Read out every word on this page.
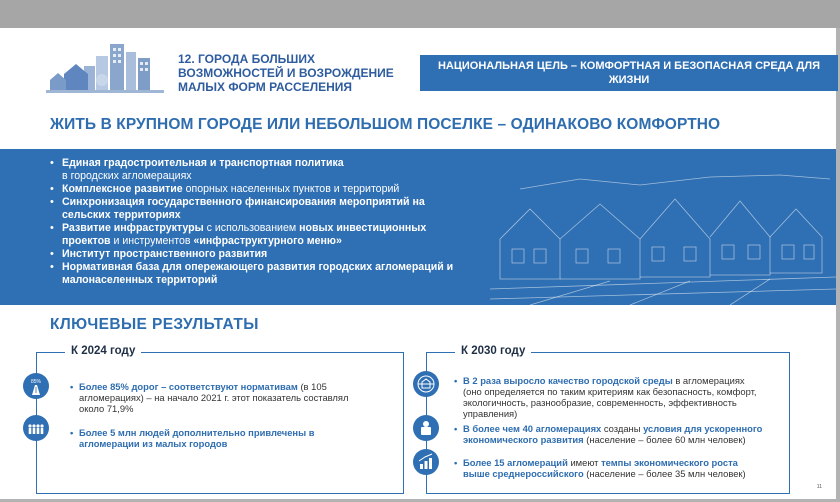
12. ГОРОДА БОЛЬШИХ ВОЗМОЖНОСТЕЙ И ВОЗРОЖДЕНИЕ МАЛЫХ ФОРМ РАССЕЛЕНИЯ
НАЦИОНАЛЬНАЯ ЦЕЛЬ – КОМФОРТНАЯ И БЕЗОПАСНАЯ СРЕДА ДЛЯ ЖИЗНИ
ЖИТЬ В КРУПНОМ ГОРОДЕ ИЛИ НЕБОЛЬШОМ ПОСЕЛКЕ – ОДИНАКОВО КОМФОРТНО
• Единая градостроительная и транспортная политика
в городских агломерациях
• Комплексное развитие опорных населенных пунктов и территорий
• Синхронизация государственного финансирования мероприятий на сельских территориях
• Развитие инфраструктуры с использованием новых инвестиционных проектов и инструментов «инфраструктурного меню»
• Институт пространственного развития
• Нормативная база для опережающего развития городских агломераций и малонаселенных территорий
КЛЮЧЕВЫЕ РЕЗУЛЬТАТЫ
К 2024 году
85%	• Более 85% дорог – соответствуют нормативам (в 105 агломерациях) – на начало 2021 г. этот показатель составлял около 71,9%
• Более 5 млн людей дополнительно привлечены в агломерации из малых городов
К 2030 году
• В 2 раза выросло качество городской среды в агломерациях (оно определяется по таким критериям как безопасность, комфорт, экологичность, разнообразие, современность, эффективность управления)
• В более чем 40 агломерациях созданы условия для ускоренного экономического развития (население – более 60 млн человек)
• Более 15 агломераций имеют темпы экономического роста выше среднероссийского (население – более 35 млн человек)
11
